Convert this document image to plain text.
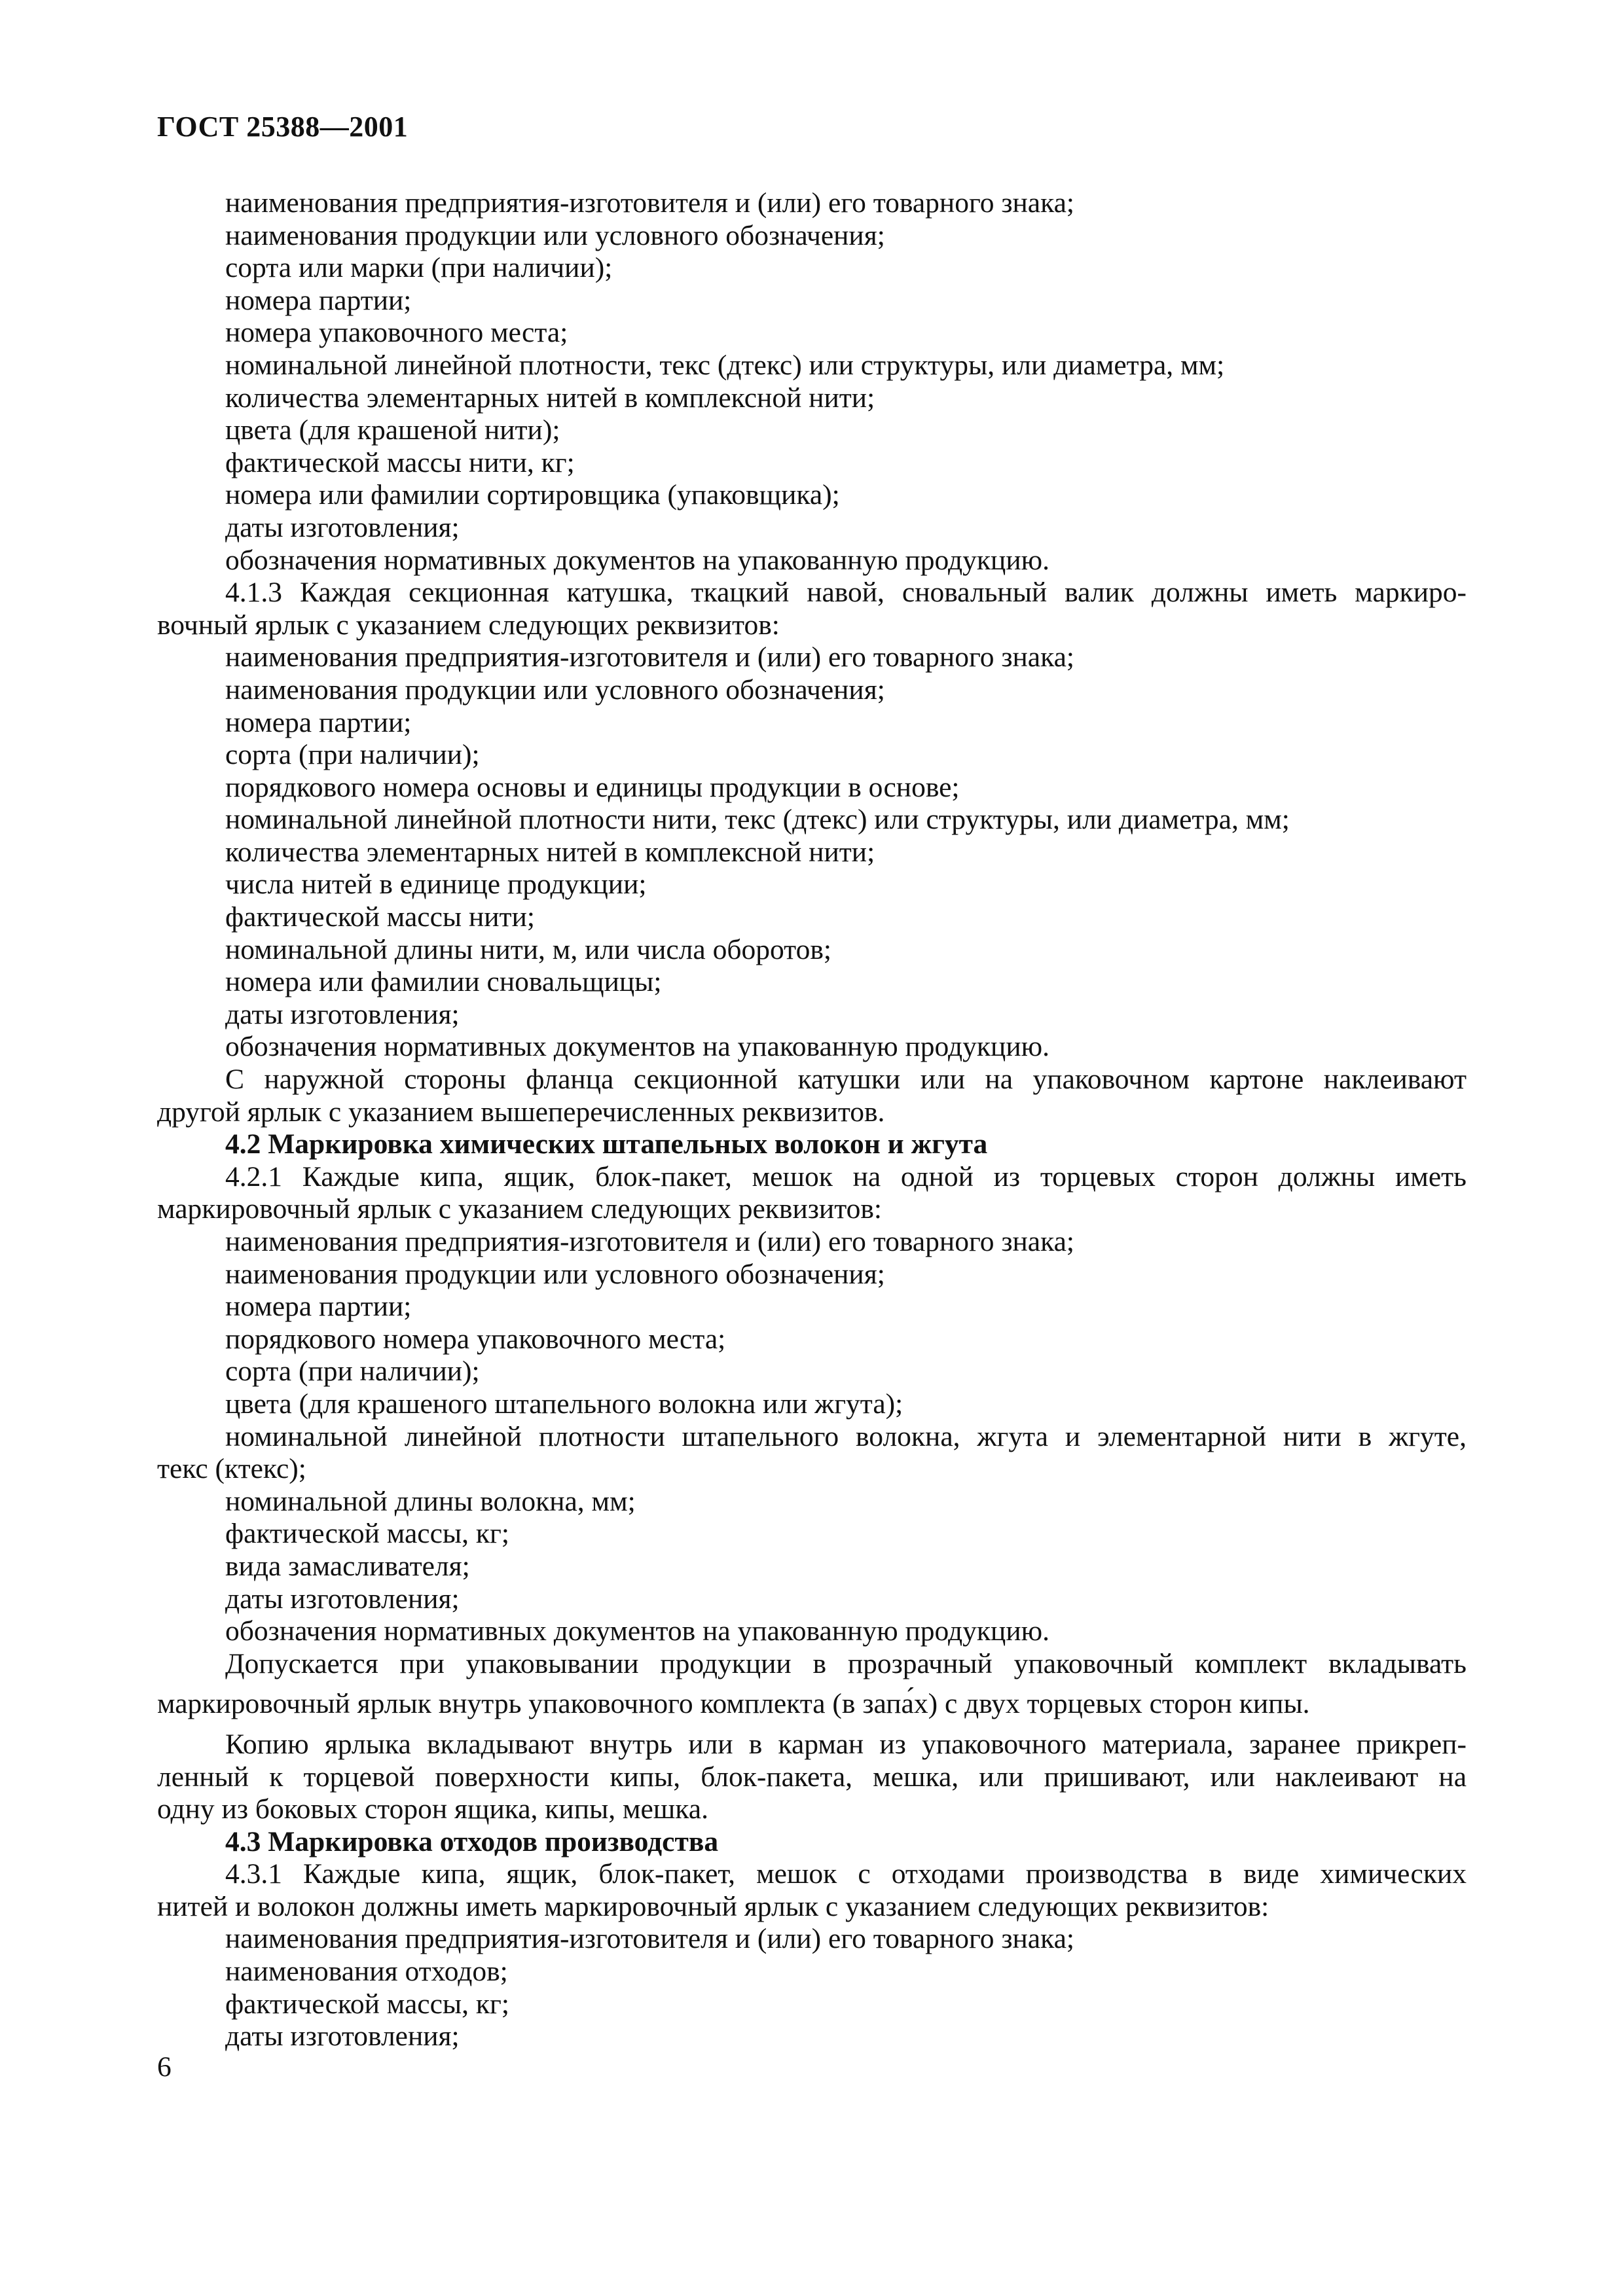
ГОСТ 25388—2001
наименования предприятия-изготовителя и (или) его товарного знака;
наименования продукции или условного обозначения;
сорта или марки (при наличии);
номера партии;
номера упаковочного места;
номинальной линейной плотности, текс (дтекс) или структуры, или диаметра, мм;
количества элементарных нитей в комплексной нити;
цвета (для крашеной нити);
фактической массы нити, кг;
номера или фамилии сортировщика (упаковщика);
даты изготовления;
обозначения нормативных документов на упакованную продукцию.
4.1.3 Каждая секционная катушка, ткацкий навой, сновальный валик должны иметь маркиро-
вочный ярлык с указанием следующих реквизитов:
наименования предприятия-изготовителя и (или) его товарного знака;
наименования продукции или условного обозначения;
номера партии;
сорта (при наличии);
порядкового номера основы и единицы продукции в основе;
номинальной линейной плотности нити, текс (дтекс) или структуры, или диаметра, мм;
количества элементарных нитей в комплексной нити;
числа нитей в единице продукции;
фактической массы нити;
номинальной длины нити, м, или числа оборотов;
номера или фамилии сновальщицы;
даты изготовления;
обозначения нормативных документов на упакованную продукцию.
С наружной стороны фланца секционной катушки или на упаковочном картоне наклеивают
другой ярлык с указанием вышеперечисленных реквизитов.
4.2 Маркировка химических штапельных волокон и жгута
4.2.1 Каждые кипа, ящик, блок-пакет, мешок на одной из торцевых сторон должны иметь
маркировочный ярлык с указанием следующих реквизитов:
наименования предприятия-изготовителя и (или) его товарного знака;
наименования продукции или условного обозначения;
номера партии;
порядкового номера упаковочного места;
сорта (при наличии);
цвета (для крашеного штапельного волокна или жгута);
номинальной линейной плотности штапельного волокна, жгута и элементарной нити в жгуте,
текс (ктекс);
номинальной длины волокна, мм;
фактической массы, кг;
вида замасливателя;
даты изготовления;
обозначения нормативных документов на упакованную продукцию.
Допускается при упаковывании продукции в прозрачный упаковочный комплект вкладывать
маркировочный ярлык внутрь упаковочного комплекта (в запа́х) с двух торцевых сторон кипы.
Копию ярлыка вкладывают внутрь или в карман из упаковочного материала, заранее прикреп-
ленный к торцевой поверхности кипы, блок-пакета, мешка, или пришивают, или наклеивают на
одну из боковых сторон ящика, кипы, мешка.
4.3 Маркировка отходов производства
4.3.1 Каждые кипа, ящик, блок-пакет, мешок с отходами производства в виде химических
нитей и волокон должны иметь маркировочный ярлык с указанием следующих реквизитов:
наименования предприятия-изготовителя и (или) его товарного знака;
наименования отходов;
фактической массы, кг;
даты изготовления;
6
